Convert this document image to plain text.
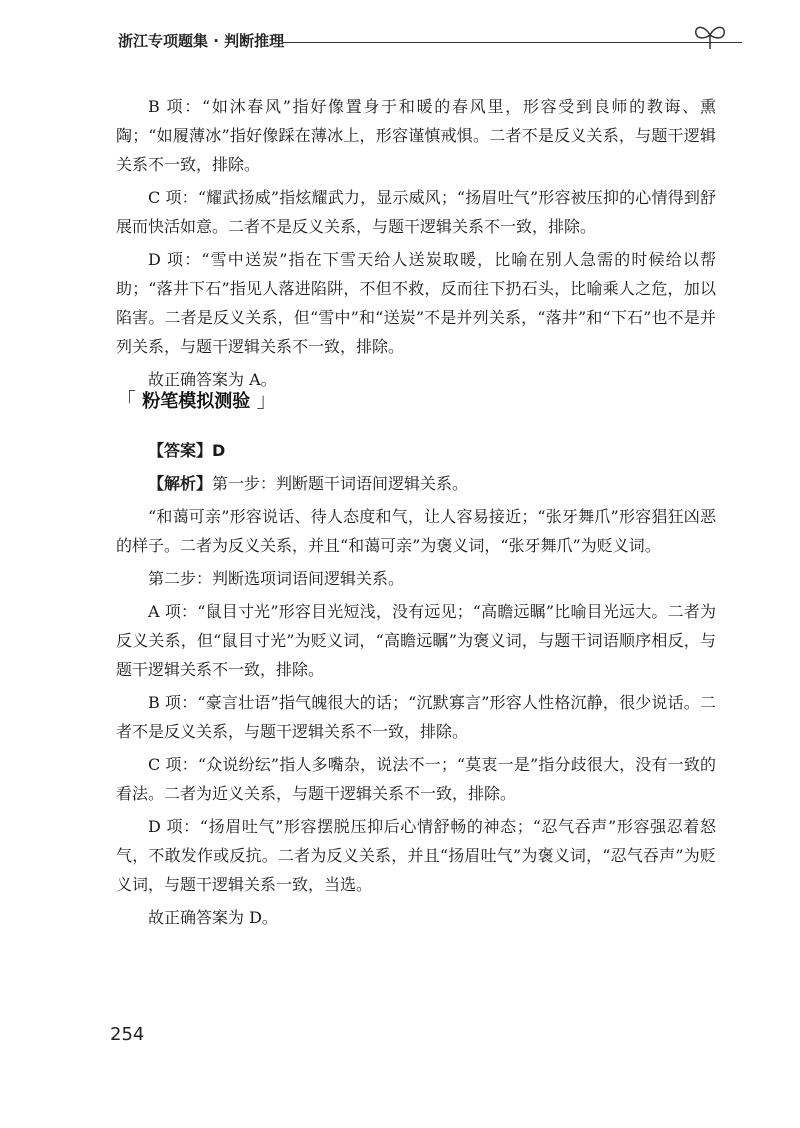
浙江专项题集 · 判断推理

B 项：“如沐春风”指好像置身于和暖的春风里，形容受到良师的教诲、熏陶；“如履薄冰”指好像踩在薄冰上，形容谨慎戒惧。二者不是反义关系，与题干逻辑关系不一致，排除。

C 项：“耀武扬威”指炫耀武力，显示威风；“扬眉吐气”形容被压抑的心情得到舒展而快活如意。二者不是反义关系，与题干逻辑关系不一致，排除。

D 项：“雪中送炭”指在下雪天给人送炭取暖，比喻在别人急需的时候给以帮助；“落井下石”指见人落进陷阱，不但不救，反而往下扔石头，比喻乘人之危，加以陷害。二者是反义关系，但“雪中”和“送炭”不是并列关系，“落井”和“下石”也不是并列关系，与题干逻辑关系不一致，排除。

故正确答案为 A。

「 粉笔模拟测验 」

【答案】D

【解析】第一步：判断题干词语间逻辑关系。

“和蔼可亲”形容说话、待人态度和气，让人容易接近；“张牙舞爪”形容猖狂凶恶的样子。二者为反义关系，并且“和蔼可亲”为褒义词，“张牙舞爪”为贬义词。

第二步：判断选项词语间逻辑关系。

A 项：“鼠目寸光”形容目光短浅，没有远见；“高瞻远瞩”比喻目光远大。二者为反义关系，但“鼠目寸光”为贬义词，“高瞻远瞩”为褒义词，与题干词语顺序相反，与题干逻辑关系不一致，排除。

B 项：“豪言壮语”指气魄很大的话；“沉默寡言”形容人性格沉静，很少说话。二者不是反义关系，与题干逻辑关系不一致，排除。

C 项：“众说纷纭”指人多嘴杂，说法不一；“莫衷一是”指分歧很大，没有一致的看法。二者为近义关系，与题干逻辑关系不一致，排除。

D 项：“扬眉吐气”形容摆脱压抑后心情舒畅的神态；“忍气吞声”形容强忍着怒气，不敢发作或反抗。二者为反义关系，并且“扬眉吐气”为褒义词，“忍气吞声”为贬义词，与题干逻辑关系一致，当选。

故正确答案为 D。

254
